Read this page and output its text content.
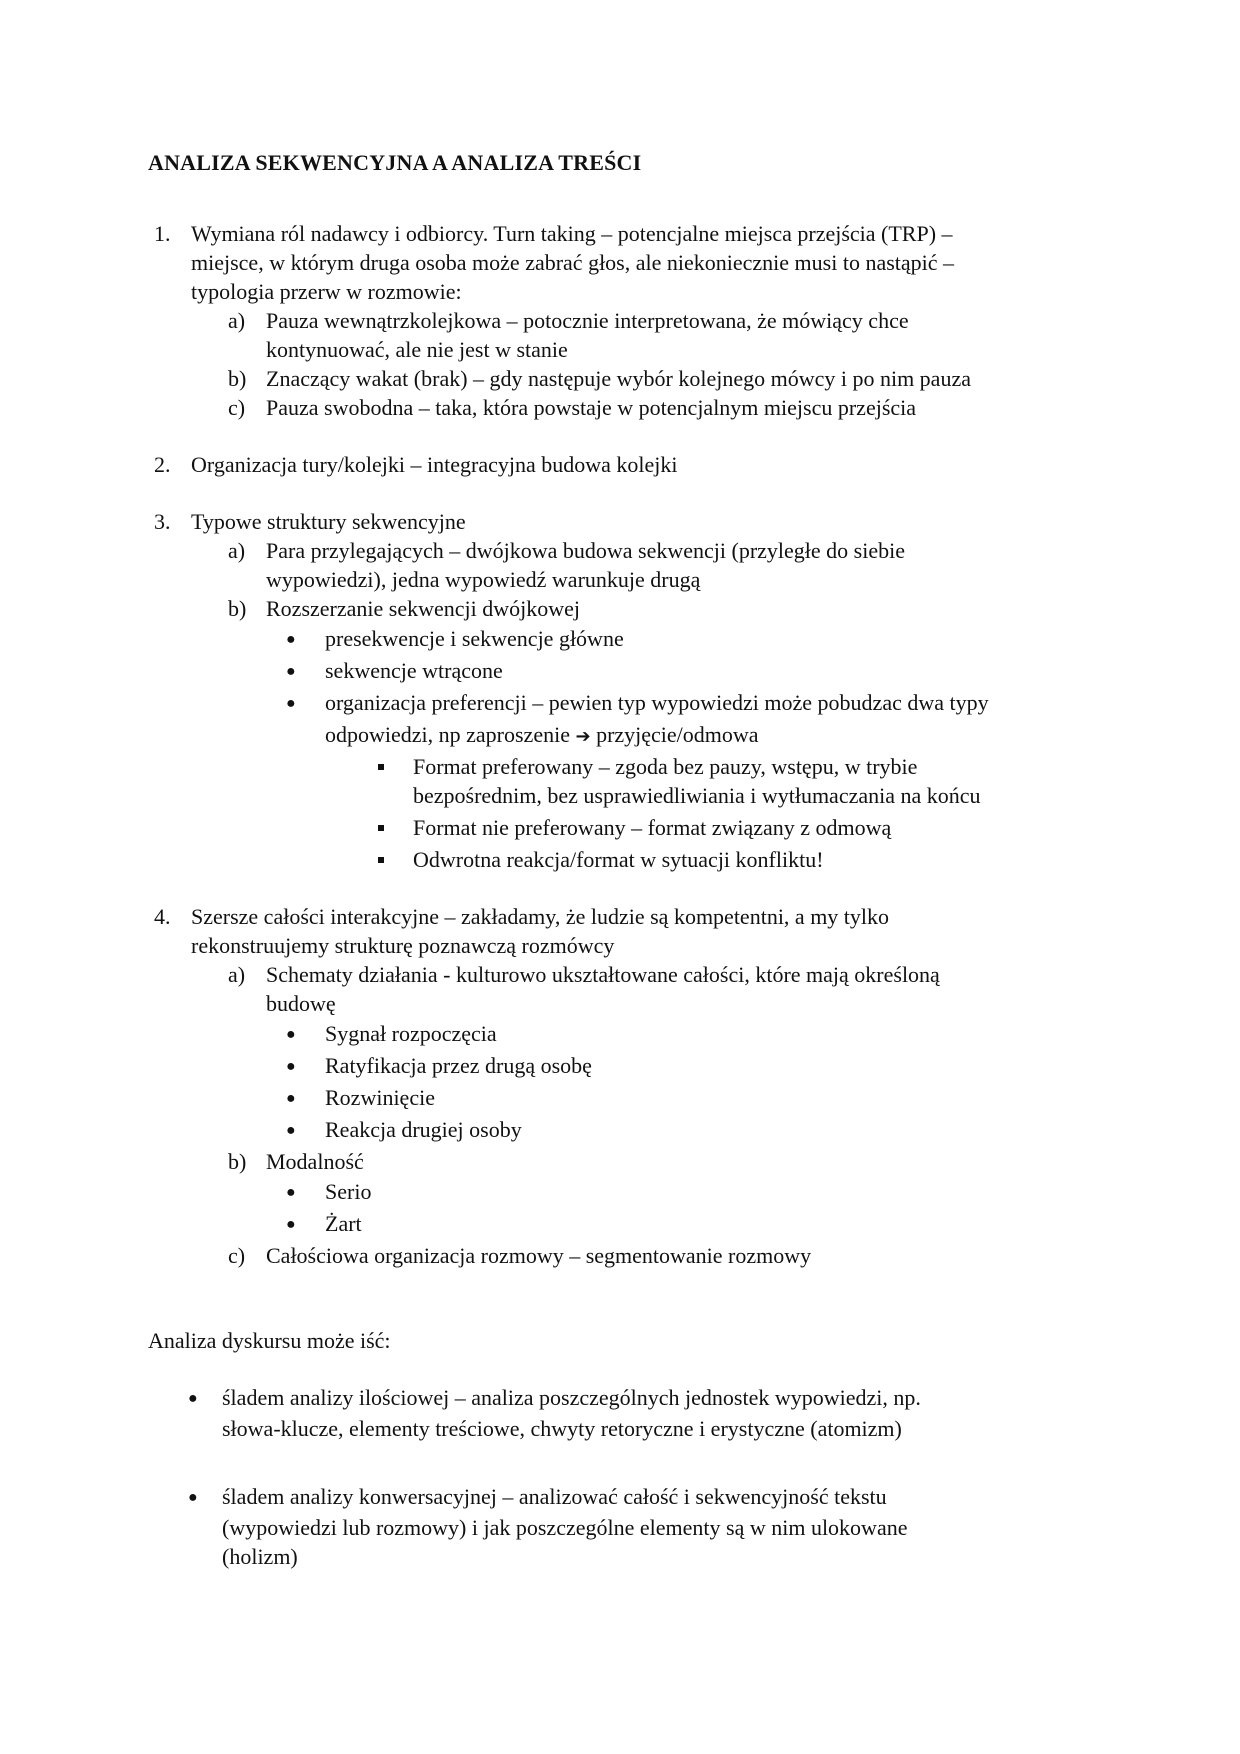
ANALIZA SEKWENCYJNA A ANALIZA TREŚCI
1. Wymiana ról nadawcy i odbiorcy. Turn taking – potencjalne miejsca przejścia (TRP) –
miejsce, w którym druga osoba może zabrać głos, ale niekoniecznie musi to nastąpić –
typologia przerw w rozmowie:
a) Pauza wewnątrzkolejkowa – potocznie interpretowana, że mówiący chce
kontynuować, ale nie jest w stanie
b) Znaczący wakat (brak) – gdy następuje wybór kolejnego mówcy i po nim pauza
c) Pauza swobodna – taka, która powstaje w potencjalnym miejscu przejścia
2. Organizacja tury/kolejki – integracyjna budowa kolejki
3. Typowe struktury sekwencyjne
a) Para przylegających – dwójkowa budowa sekwencji (przyległe do siebie
wypowiedzi), jedna wypowiedź warunkuje drugą
b) Rozszerzanie sekwencji dwójkowej
● presekwencje i sekwencje główne
● sekwencje wtrącone
● organizacja preferencji – pewien typ wypowiedzi może pobudzac dwa typy
odpowiedzi, np zaproszenie ➔ przyjęcie/odmowa
Format preferowany – zgoda bez pauzy, wstępu, w trybie
bezpośrednim, bez usprawiedliwiania i wytłumaczania na końcu
Format nie preferowany – format związany z odmową
Odwrotna reakcja/format w sytuacji konfliktu!
4. Szersze całości interakcyjne – zakładamy, że ludzie są kompetentni, a my tylko
rekonstruujemy strukturę poznawczą rozmówcy
a) Schematy działania - kulturowo ukształtowane całości, które mają określoną
budowę
● Sygnał rozpoczęcia
● Ratyfikacja przez drugą osobę
● Rozwinięcie
● Reakcja drugiej osoby
b) Modalność
● Serio
● Żart
c) Całościowa organizacja rozmowy – segmentowanie rozmowy
Analiza dyskursu może iść:
● śladem analizy ilościowej – analiza poszczególnych jednostek wypowiedzi, np.
słowa-klucze, elementy treściowe, chwyty retoryczne i erystyczne (atomizm)
● śladem analizy konwersacyjnej – analizować całość i sekwencyjność tekstu
(wypowiedzi lub rozmowy) i jak poszczególne elementy są w nim ulokowane
(holizm)
